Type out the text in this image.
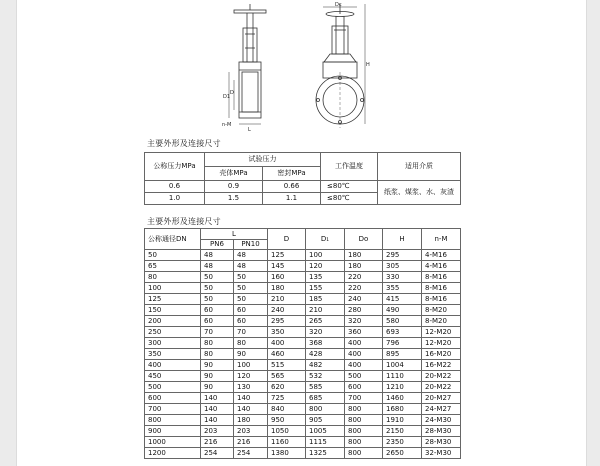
Dc
H
L
D1
D
n-M
主要外形及连接尺寸
公称压力MPa	试验压力		工作温度	适用介质
	壳体MPa	密封MPa		
0.6	0.9	0.66	≤80℃	纸浆、煤浆、水、灰渣
1.0	1.5	1.1	≤80℃	
主要外形及连接尺寸
公称通径DN	L		D	D₁	Do	H	n-M
	PN6	PN10					
50	48	48	125	100	180	295	4-M16
65	48	48	145	120	180	305	4-M16
80	50	50	160	135	220	330	8-M16
100	50	50	180	155	220	355	8-M16
125	50	50	210	185	240	415	8-M16
150	60	60	240	210	280	490	8-M20
200	60	60	295	265	320	580	8-M20
250	70	70	350	320	360	693	12-M20
300	80	80	400	368	400	796	12-M20
350	80	90	460	428	400	895	16-M20
400	90	100	515	482	400	1004	16-M22
450	90	120	565	532	500	1110	20-M22
500	90	130	620	585	600	1210	20-M22
600	140	140	725	685	700	1460	20-M27
700	140	140	840	800	800	1680	24-M27
800	140	180	950	905	800	1910	24-M30
900	203	203	1050	1005	800	2150	28-M30
1000	216	216	1160	1115	800	2350	28-M30
1200	254	254	1380	1325	800	2650	32-M30
